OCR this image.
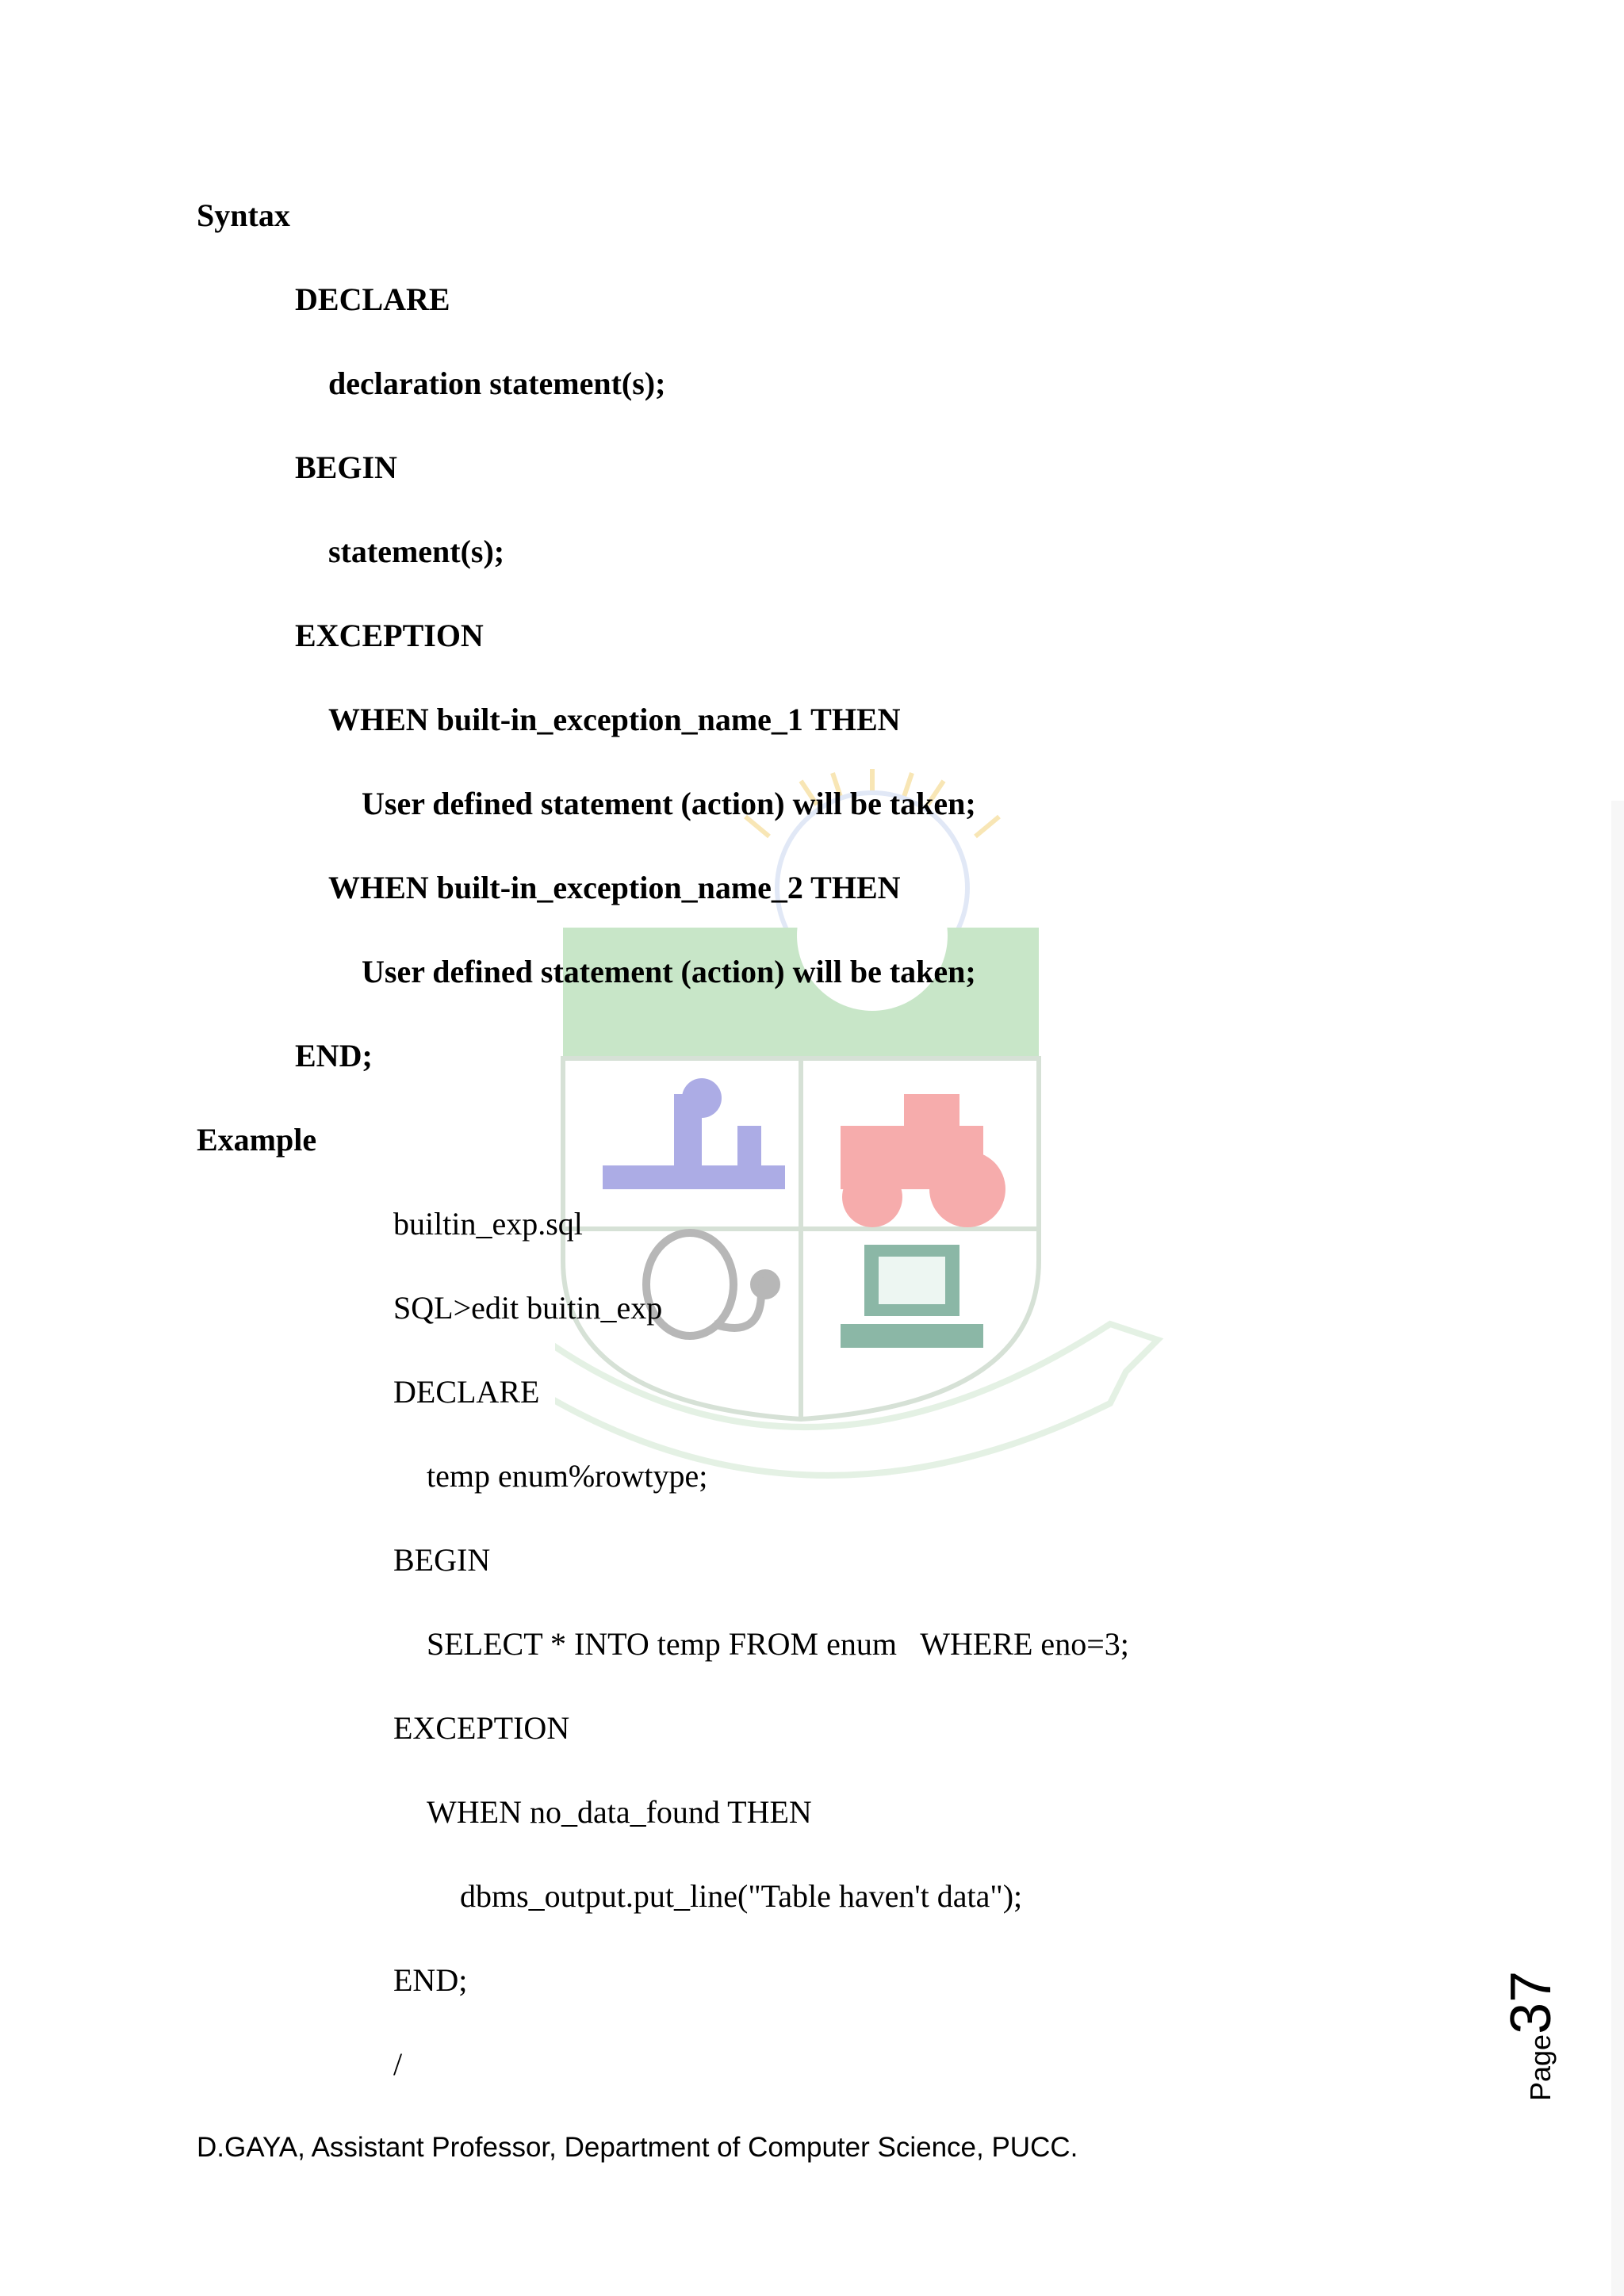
Syntax
DECLARE
declaration statement(s);
BEGIN
statement(s);
EXCEPTION
WHEN built-in_exception_name_1 THEN
User defined statement (action) will be taken;
WHEN built-in_exception_name_2 THEN
User defined statement (action) will be taken;
END;
Example
builtin_exp.sql
SQL>edit buitin_exp
DECLARE
temp enum%rowtype;
BEGIN
SELECT * INTO temp FROM enum   WHERE eno=3;
EXCEPTION
WHEN no_data_found THEN
dbms_output.put_line("Table haven't data");
END;
/	Page37
D.GAYA, Assistant Professor, Department of Computer Science, PUCC.
